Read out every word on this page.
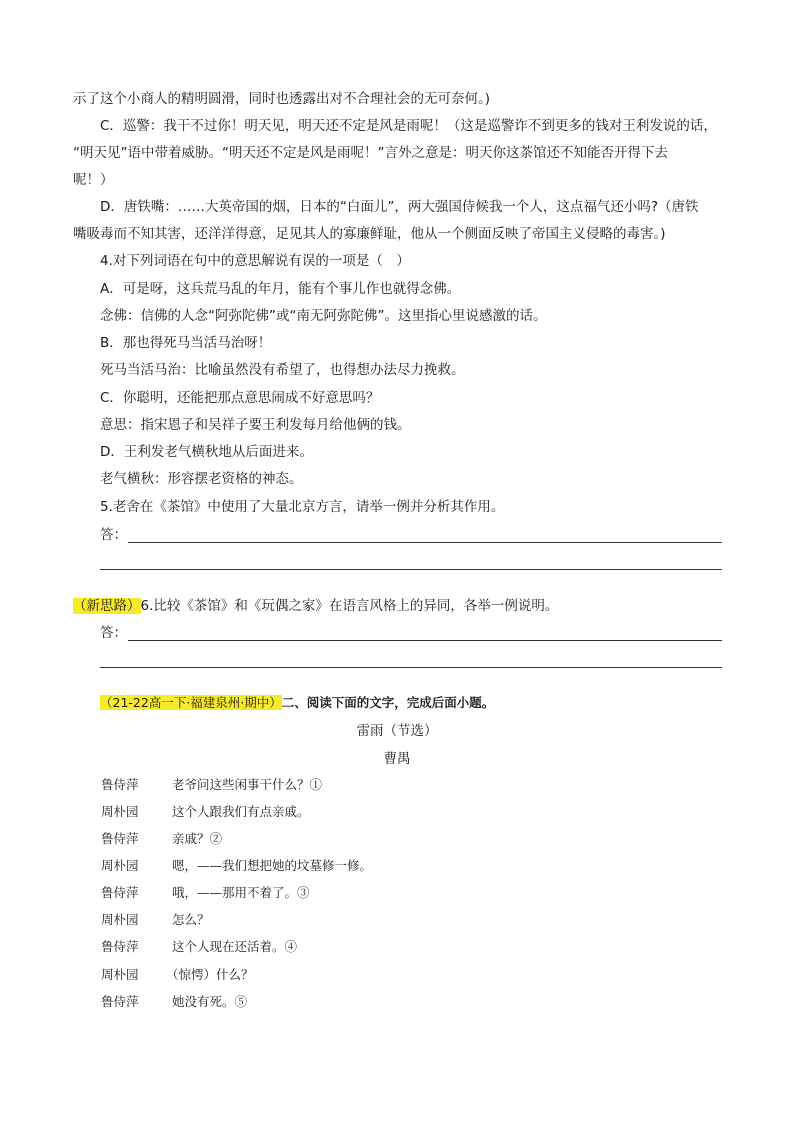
示了这个小商人的精明圆滑，同时也透露出对不合理社会的无可奈何。)
C．巡警：我干不过你！明天见，明天还不定是风是雨呢！（这是巡警诈不到更多的钱对王利发说的话，
“明天见”语中带着威胁。“明天还不定是风是雨呢！”言外之意是：明天你这茶馆还不知能否开得下去
呢！）
D．唐铁嘴：……大英帝国的烟，日本的“白面儿”，两大强国侍候我一个人，这点福气还小吗?（唐铁
嘴吸毒而不知其害，还洋洋得意，足见其人的寡廉鲜耻，他从一个侧面反映了帝国主义侵略的毒害。)
4.对下列词语在句中的意思解说有误的一项是（　）
A．可是呀，这兵荒马乱的年月，能有个事儿作也就得念佛。
念佛：信佛的人念“阿弥陀佛”或“南无阿弥陀佛”。这里指心里说感激的话。
B．那也得死马当活马治呀！
死马当活马治：比喻虽然没有希望了，也得想办法尽力挽救。
C．你聪明，还能把那点意思闹成不好意思吗？
意思：指宋恩子和吴祥子要王利发每月给他俩的钱。
D．王利发老气横秋地从后面进来。
老气横秋：形容摆老资格的神态。
5.老舍在《茶馆》中使用了大量北京方言，请举一例并分析其作用。
答：
（新思路）6.比较《茶馆》和《玩偶之家》在语言风格上的异同，各举一例说明。
答：
（21-22高一下·福建泉州·期中）二、阅读下面的文字，完成后面小题。
雷雨（节选）
曹禺
鲁侍萍	老爷问这些闲事干什么？①
周朴园	这个人跟我们有点亲戚。
鲁侍萍	亲戚？②
周朴园	嗯，——我们想把她的坟墓修一修。
鲁侍萍	哦，——那用不着了。③
周朴园	怎么？
鲁侍萍	这个人现在还活着。④
周朴园 （惊愕）什么？
鲁侍萍	她没有死。⑤
